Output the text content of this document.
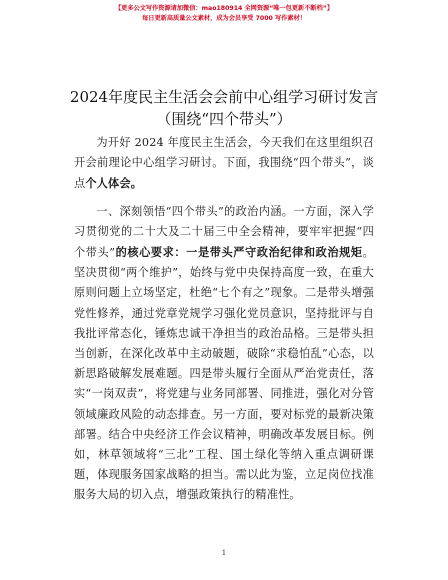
【更多公文写作资源请加微信：mao180914 全网资源“唯一包更新不断档”】
每日更新高质量公文素材，成为会员享受 7000 写作素材！
2024年度民主生活会会前中心组学习研讨发言
（围绕“四个带头”）

为开好 2024 年度民主生活会，今天我们在这里组织召开会前理论中心组学习研讨。下面，我围绕“四个带头”，谈点个人体会。

一、深刻领悟“四个带头”的政治内涵。一方面，深入学习贯彻党的二十大及二十届三中全会精神，要牢牢把握“四个带头”的核心要求：一是带头严守政治纪律和政治规矩。坚决贯彻“两个维护”，始终与党中央保持高度一致，在重大原则问题上立场坚定，杜绝“七个有之”现象。二是带头增强党性修养，通过党章党规学习强化党员意识，坚持批评与自我批评常态化，锤炼忠诚干净担当的政治品格。三是带头担当创新，在深化改革中主动破题，破除“求稳怕乱”心态，以新思路破解发展难题。四是带头履行全面从严治党责任，落实“一岗双责”，将党建与业务同部署、同推进，强化对分管领域廉政风险的动态排查。另一方面，要对标党的最新决策部署。结合中央经济工作会议精神，明确改革发展目标。例如，林草领域将“三北”工程、国土绿化等纳入重点调研课题，体现服务国家战略的担当。需以此为鉴，立足岗位找准服务大局的切入点，增强政策执行的精准性。

1
